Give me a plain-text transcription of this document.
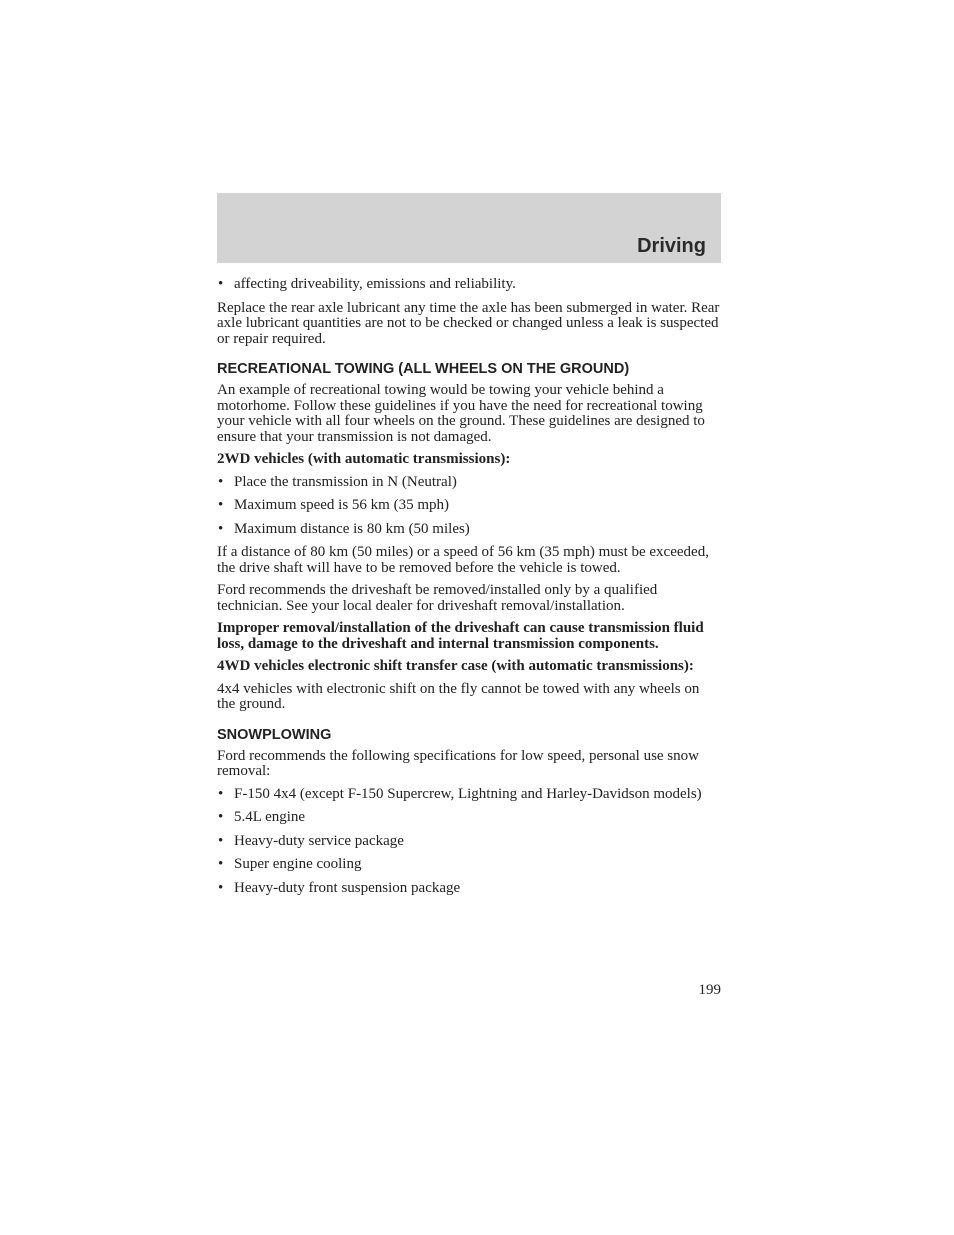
Driving
• affecting driveability, emissions and reliability.

Replace the rear axle lubricant any time the axle has been submerged in water. Rear axle lubricant quantities are not to be checked or changed unless a leak is suspected or repair required.

RECREATIONAL TOWING (ALL WHEELS ON THE GROUND)

An example of recreational towing would be towing your vehicle behind a motorhome. Follow these guidelines if you have the need for recreational towing your vehicle with all four wheels on the ground. These guidelines are designed to ensure that your transmission is not damaged.

2WD vehicles (with automatic transmissions):

• Place the transmission in N (Neutral)
• Maximum speed is 56 km (35 mph)
• Maximum distance is 80 km (50 miles)

If a distance of 80 km (50 miles) or a speed of 56 km (35 mph) must be exceeded, the drive shaft will have to be removed before the vehicle is towed.

Ford recommends the driveshaft be removed/installed only by a qualified technician. See your local dealer for driveshaft removal/installation.

Improper removal/installation of the driveshaft can cause transmission fluid loss, damage to the driveshaft and internal transmission components.

4WD vehicles electronic shift transfer case (with automatic transmissions):

4x4 vehicles with electronic shift on the fly cannot be towed with any wheels on the ground.

SNOWPLOWING

Ford recommends the following specifications for low speed, personal use snow removal:

• F-150 4x4 (except F-150 Supercrew, Lightning and Harley-Davidson models)
• 5.4L engine
• Heavy-duty service package
• Super engine cooling
• Heavy-duty front suspension package
199
